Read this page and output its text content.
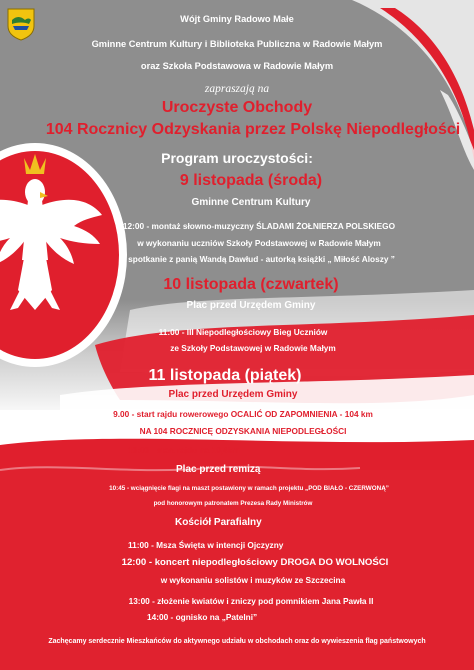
Wójt Gminy Radowo Małe
Gminne Centrum Kultury i Biblioteka Publiczna w Radowie Małym
oraz Szkoła Podstawowa w Radowie Małym
zapraszają na
Uroczyste Obchody
104 Rocznicy Odzyskania przez Polskę Niepodległości
Program uroczystości:
9 listopada (środa)
Gminne Centrum Kultury
12:00 - montaż słowno-muzyczny ŚLADAMI ŻOŁNIERZA POLSKIEGO
w wykonaniu uczniów Szkoły Podstawowej w Radowie Małym
- spotkanie z panią Wandą Dawłud - autorką książki „ Miłość Aloszy ”
10 listopada (czwartek)
Plac przed Urzędem Gminy
11:00 - III Niepodległościowy Bieg Uczniów
ze Szkoły Podstawowej w Radowie Małym
11 listopada (piątek)
Plac przed Urzędem Gminy
9.00 - start rajdu rowerowego OCALIĆ OD ZAPOMNIENIA - 104 km
NA 104 ROCZNICĘ ODZYSKANIA NIEPODLEGŁOŚCI
10:00 - start rajdu na 10,4km
Plac przed remizą
10:45 - wciągnięcie flagi na maszt postawiony w ramach projektu „POD BIAŁO - CZERWONĄ”
pod honorowym patronatem Prezesa Rady Ministrów
Kościół Parafialny
11:00 - Msza Święta w intencji Ojczyzny
12:00 - koncert niepodległościowy DROGA DO WOLNOŚCI
w wykonaniu solistów i muzyków ze Szczecina
13:00 - złożenie kwiatów i zniczy pod pomnikiem Jana Pawła II
14:00 - ognisko na „Patelni”
Zachęcamy serdecznie Mieszkańców do aktywnego udziału w obchodach oraz do wywieszenia flag państwowych
